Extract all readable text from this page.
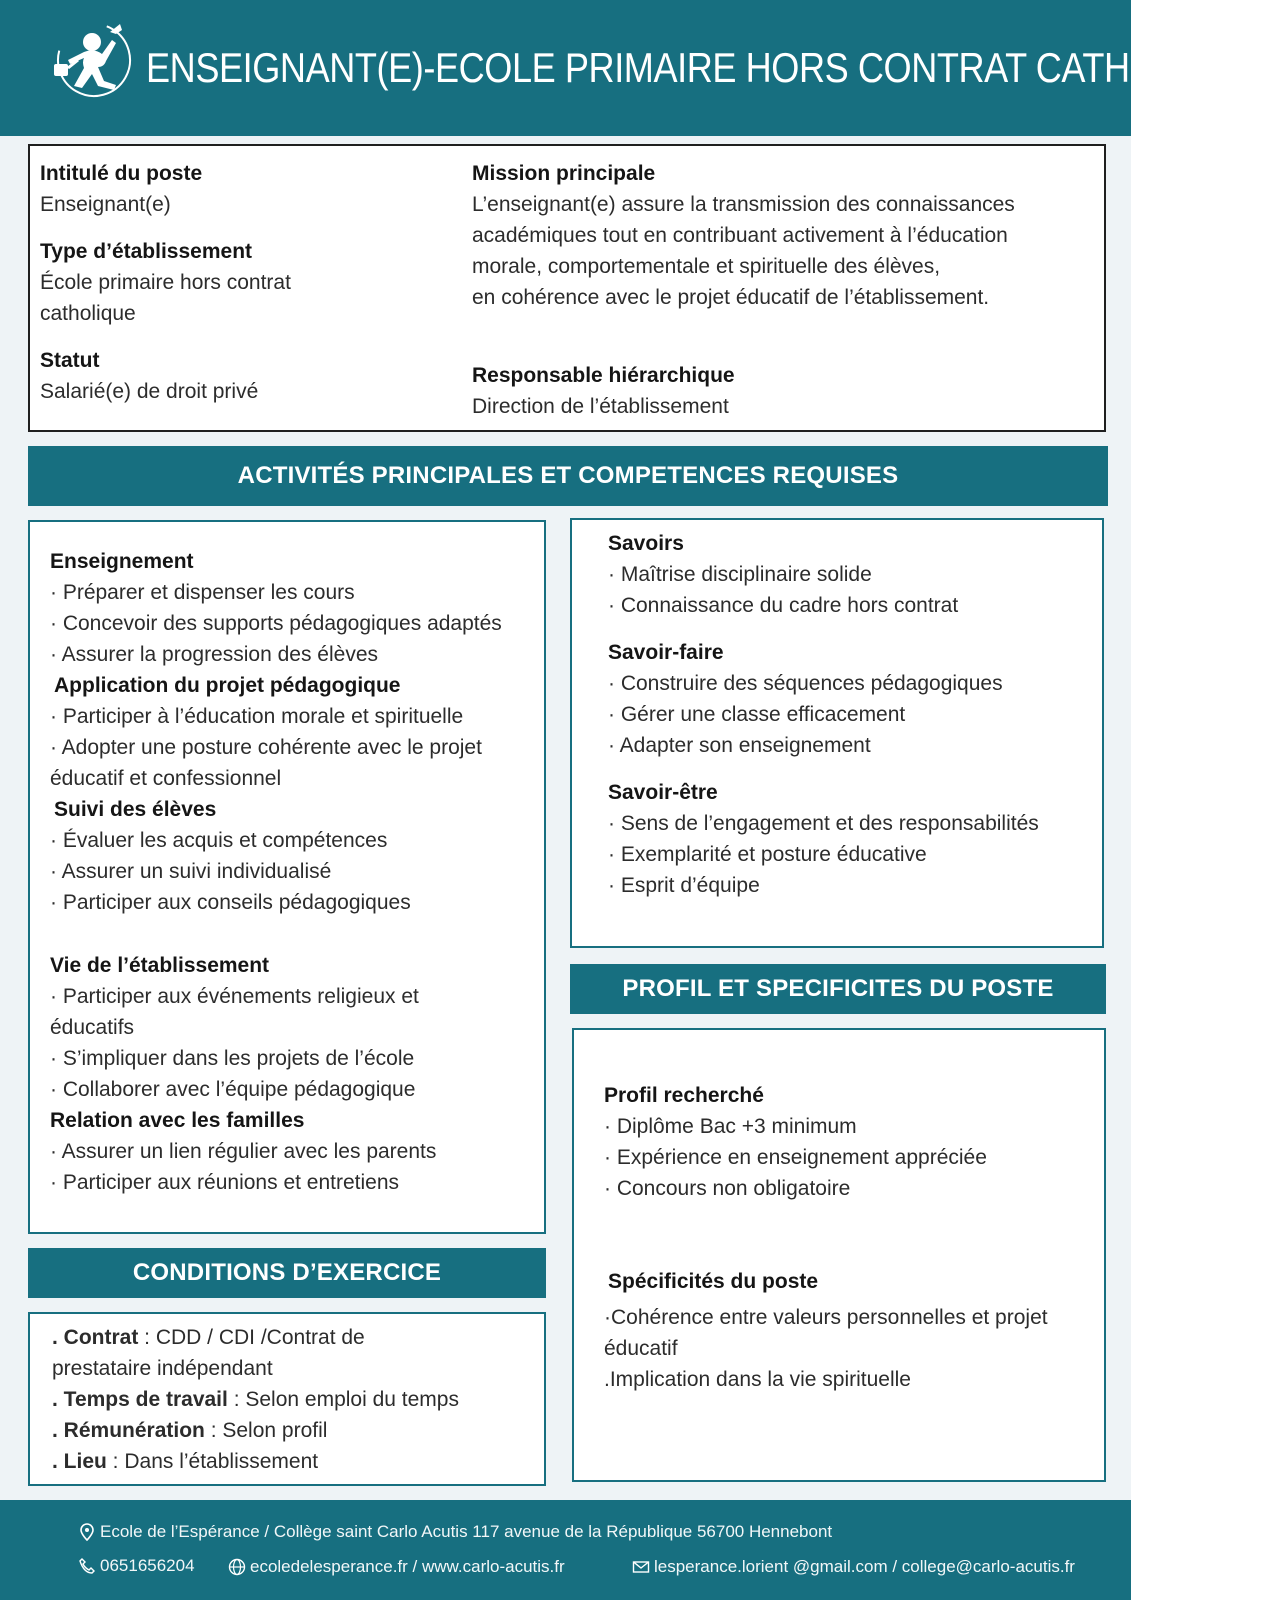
ENSEIGNANT(E)-ECOLE PRIMAIRE HORS CONTRAT CATHOLIQUE
Intitulé du poste
Enseignant(e)
Type d’établissement
École primaire hors contrat
catholique
Statut
Salarié(e) de droit privé
Mission principale
L’enseignant(e) assure la transmission des connaissances
académiques tout en contribuant activement à l’éducation
morale, comportementale et spirituelle des élèves,
en cohérence avec le projet éducatif de l’établissement.
Responsable hiérarchique
Direction de l’établissement
ACTIVITÉS PRINCIPALES ET COMPETENCES REQUISES
Enseignement
· Préparer et dispenser les cours
· Concevoir des supports pédagogiques adaptés
· Assurer la progression des élèves
Application du projet pédagogique
· Participer à l’éducation morale et spirituelle
· Adopter une posture cohérente avec le projet
éducatif et confessionnel
Suivi des élèves
· Évaluer les acquis et compétences
· Assurer un suivi individualisé
· Participer aux conseils pédagogiques
Vie de l’établissement
· Participer aux événements religieux et
éducatifs
· S’impliquer dans les projets de l’école
· Collaborer avec l’équipe pédagogique
Relation avec les familles
· Assurer un lien régulier avec les parents
· Participer aux réunions et entretiens
Savoirs
· Maîtrise disciplinaire solide
· Connaissance du cadre hors contrat
Savoir-faire
· Construire des séquences pédagogiques
· Gérer une classe efficacement
· Adapter son enseignement
Savoir-être
· Sens de l’engagement et des responsabilités
· Exemplarité et posture éducative
· Esprit d’équipe
PROFIL ET SPECIFICITES DU POSTE
Profil recherché
· Diplôme Bac +3 minimum
· Expérience en enseignement appréciée
· Concours non obligatoire
Spécificités du poste
·Cohérence entre valeurs personnelles et projet
éducatif
.Implication dans la vie spirituelle
CONDITIONS D’EXERCICE
. Contrat : CDD / CDI /Contrat de
prestataire indépendant
. Temps de travail : Selon emploi du temps
. Rémunération : Selon profil
. Lieu : Dans l’établissement
Ecole de l’Espérance / Collège saint Carlo Acutis 117 avenue de la République 56700 Hennebont
0651656204	ecoledelesperance.fr / www.carlo-acutis.fr	lesperance.lorient @gmail.com / college@carlo-acutis.fr
